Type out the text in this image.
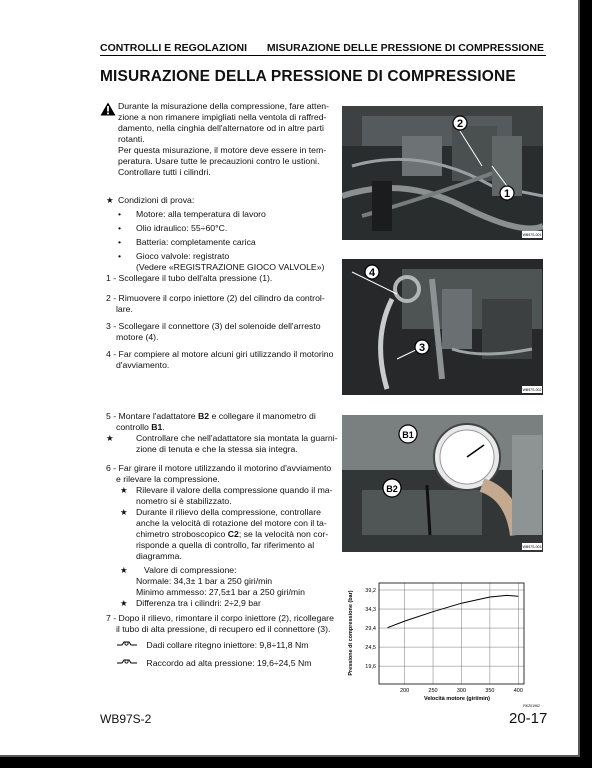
CONTROLLI E REGOLAZIONI MISURAZIONE DELLE PRESSIONE DI COMPRESSIONE
MISURAZIONE DELLA PRESSIONE DI COMPRESSIONE

Durante la misurazione della compressione, fare atten-

zione a non rimanere impigliati nella ventola di raffred-

damento, nella cinghia dell'alternatore od in altre parti

rotanti.

Per questa misurazione, il motore deve essere in tem-

peratura. Usare tutte le precauzioni contro le ustioni.

Controllare tutti i cilindri.

★ Condizioni di prova:

• Motore: alla temperatura di lavoro

• Olio idraulico: 55÷60°C.

• Batteria: completamente carica

• Gioco valvole: registrato

(Vedere «REGISTRAZIONE GIOCO VALVOLE»)

1 - Scollegare il tubo dell'alta pressione (1).

2 - Rimuovere il corpo iniettore (2) del cilindro da control-

lare.

3 - Scollegare il connettore (3) del solenoide dell'arresto

motore (4).

4 - Far compiere al motore alcuni giri utilizzando il motorino

d'avviamento.

5 - Montare l'adattatore B2 e collegare il manometro di

controllo B1.

★	Controllare che nell'adattatore sia montata la guarni-

zione di tenuta e che la stessa sia integra.

6 - Far girare il motore utilizzando il motorino d'avviamento

e rilevare la compressione.

★ Rilevare il valore della compressione quando il ma-

nometro si è stabilizzato.

★ Durante il rilievo della compressione, controllare

anche la velocità di rotazione del motore con il ta-

chimetro stroboscopico C2; se la velocità non cor-

risponde a quella di controllo, far riferimento al

diagramma.

★ Valore di compressione:

Normale: 34,3± 1 bar a 250 giri/min

Minimo ammesso: 27,5±1 bar a 250 giri/min

★ Differenza tra i cilindri: 2÷2,9 bar

7 - Dopo il rilievo, rimontare il corpo iniettore (2), ricollegare

il tubo di alta pressione, di recupero ed il connettore (3).

Dadi collare ritegno iniettore: 9,8÷11,8 Nm
Raccordo ad alta pressione: 19,6÷24,5 Nm
2
1
WB97S-001
4
3
WB97S-002
B1
B2
WB97S-003
200	250	300	350	400
19,6
24,5
29,4
34,3
39,2
Pressione di compressione (bar)
Velocità motore (giri/min)
RKZ01962
WB97S-2	20-17
